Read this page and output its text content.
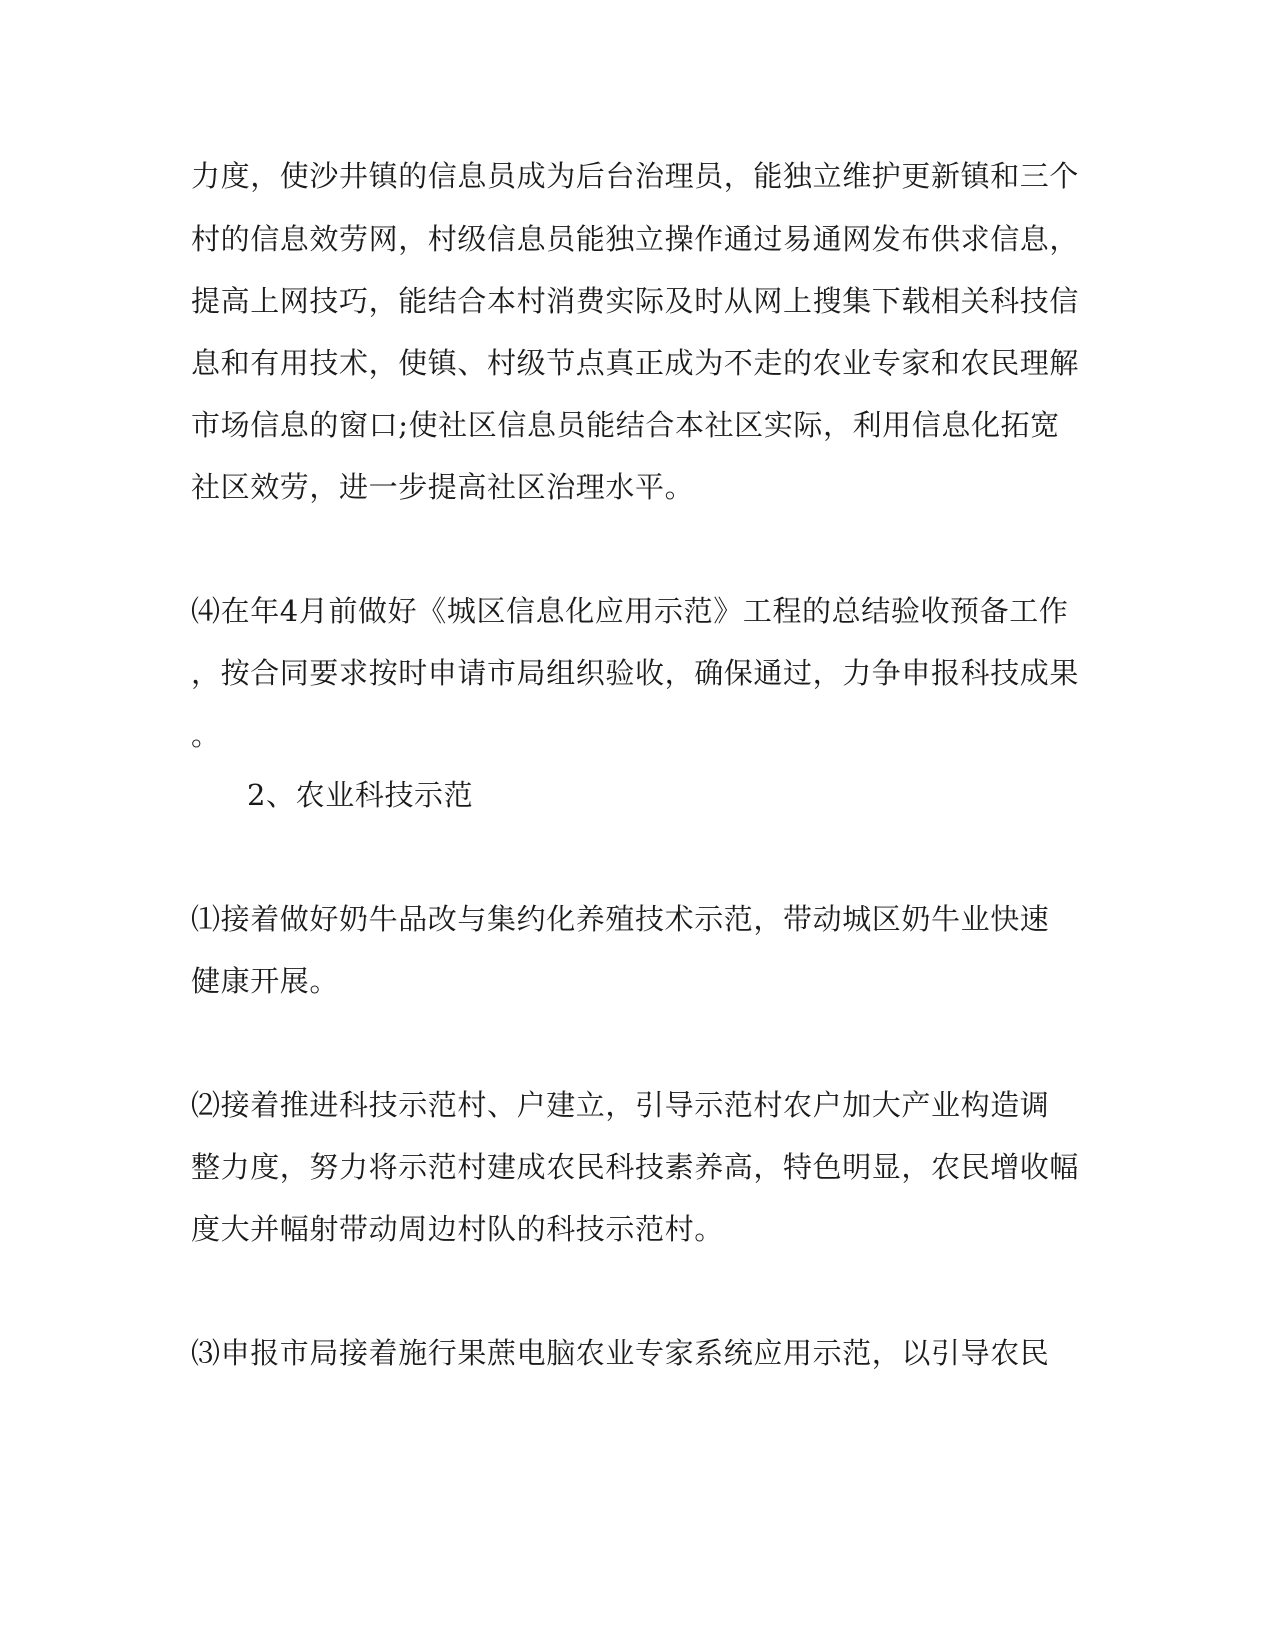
力度，使沙井镇的信息员成为后台治理员，能独立维护更新镇和三个
村的信息效劳网，村级信息员能独立操作通过易通网发布供求信息，
提高上网技巧，能结合本村消费实际及时从网上搜集下载相关科技信
息和有用技术，使镇、村级节点真正成为不走的农业专家和农民理解
市场信息的窗口;使社区信息员能结合本社区实际，利用信息化拓宽
社区效劳，进一步提高社区治理水平。
⑷在年4月前做好《城区信息化应用示范》工程的总结验收预备工作
，按合同要求按时申请市局组织验收，确保通过，力争申报科技成果
。
2、农业科技示范
⑴接着做好奶牛品改与集约化养殖技术示范，带动城区奶牛业快速
健康开展。
⑵接着推进科技示范村、户建立，引导示范村农户加大产业构造调
整力度，努力将示范村建成农民科技素养高，特色明显，农民增收幅
度大并幅射带动周边村队的科技示范村。
⑶申报市局接着施行果蔗电脑农业专家系统应用示范，以引导农民
